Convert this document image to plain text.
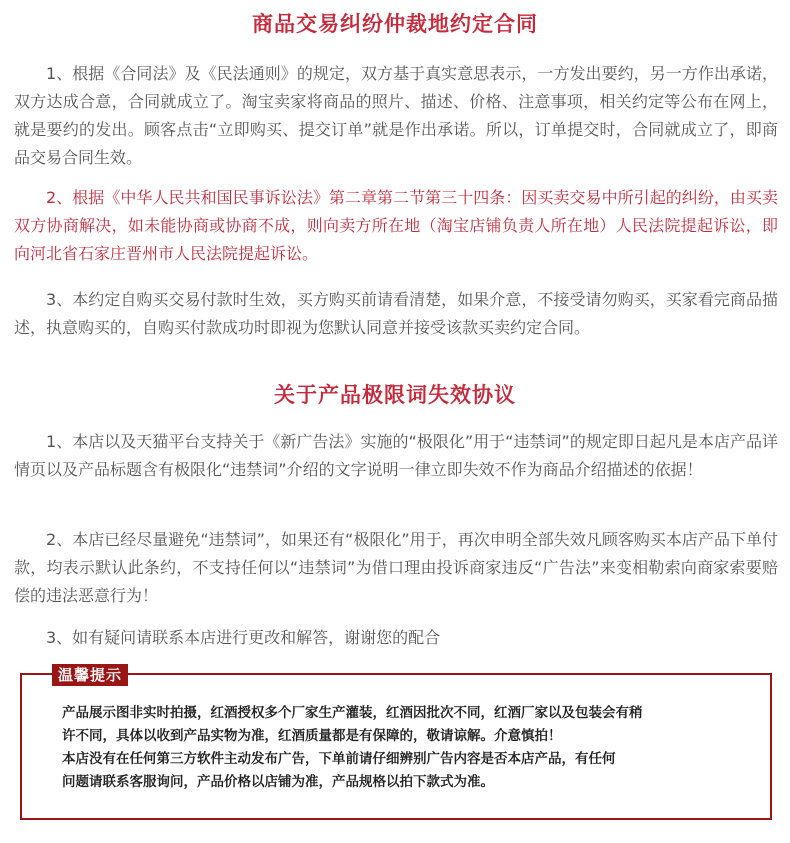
商品交易纠纷仲裁地约定合同

1、根据《合同法》及《民法通则》的规定，双方基于真实意思表示，一方发出要约，另一方作出承诺，双方达成合意，合同就成立了。淘宝卖家将商品的照片、描述、价格、注意事项，相关约定等公布在网上，就是要约的发出。顾客点击“立即购买、提交订单”就是作出承诺。所以，订单提交时，合同就成立了，即商品交易合同生效。

2、根据《中华人民共和国民事诉讼法》第二章第二节第三十四条：因买卖交易中所引起的纠纷，由买卖双方协商解决，如未能协商或协商不成，则向卖方所在地（淘宝店铺负责人所在地）人民法院提起诉讼，即向河北省石家庄晋州市人民法院提起诉讼。

3、本约定自购买交易付款时生效，买方购买前请看清楚，如果介意，不接受请勿购买，买家看完商品描述，执意购买的，自购买付款成功时即视为您默认同意并接受该款买卖约定合同。

关于产品极限词失效协议

1、本店以及天猫平台支持关于《新广告法》实施的“极限化”用于“违禁词”的规定即日起凡是本店产品详情页以及产品标题含有极限化“违禁词”介绍的文字说明一律立即失效不作为商品介绍描述的依据！

2、本店已经尽量避免“违禁词”，如果还有“极限化”用于，再次申明全部失效凡顾客购买本店产品下单付款，均表示默认此条约，不支持任何以“违禁词”为借口理由投诉商家违反“广告法”来变相勒索向商家索要赔偿的违法恶意行为！

3、如有疑问请联系本店进行更改和解答，谢谢您的配合

温馨提示
产品展示图非实时拍摄，红酒授权多个厂家生产灌装，红酒因批次不同，红酒厂家以及包装会有稍
许不同，具体以收到产品实物为准，红酒质量都是有保障的，敬请谅解。介意慎拍！
本店没有在任何第三方软件主动发布广告，下单前请仔细辨别广告内容是否本店产品，有任何
问题请联系客服询问，产品价格以店铺为准，产品规格以拍下款式为准。
